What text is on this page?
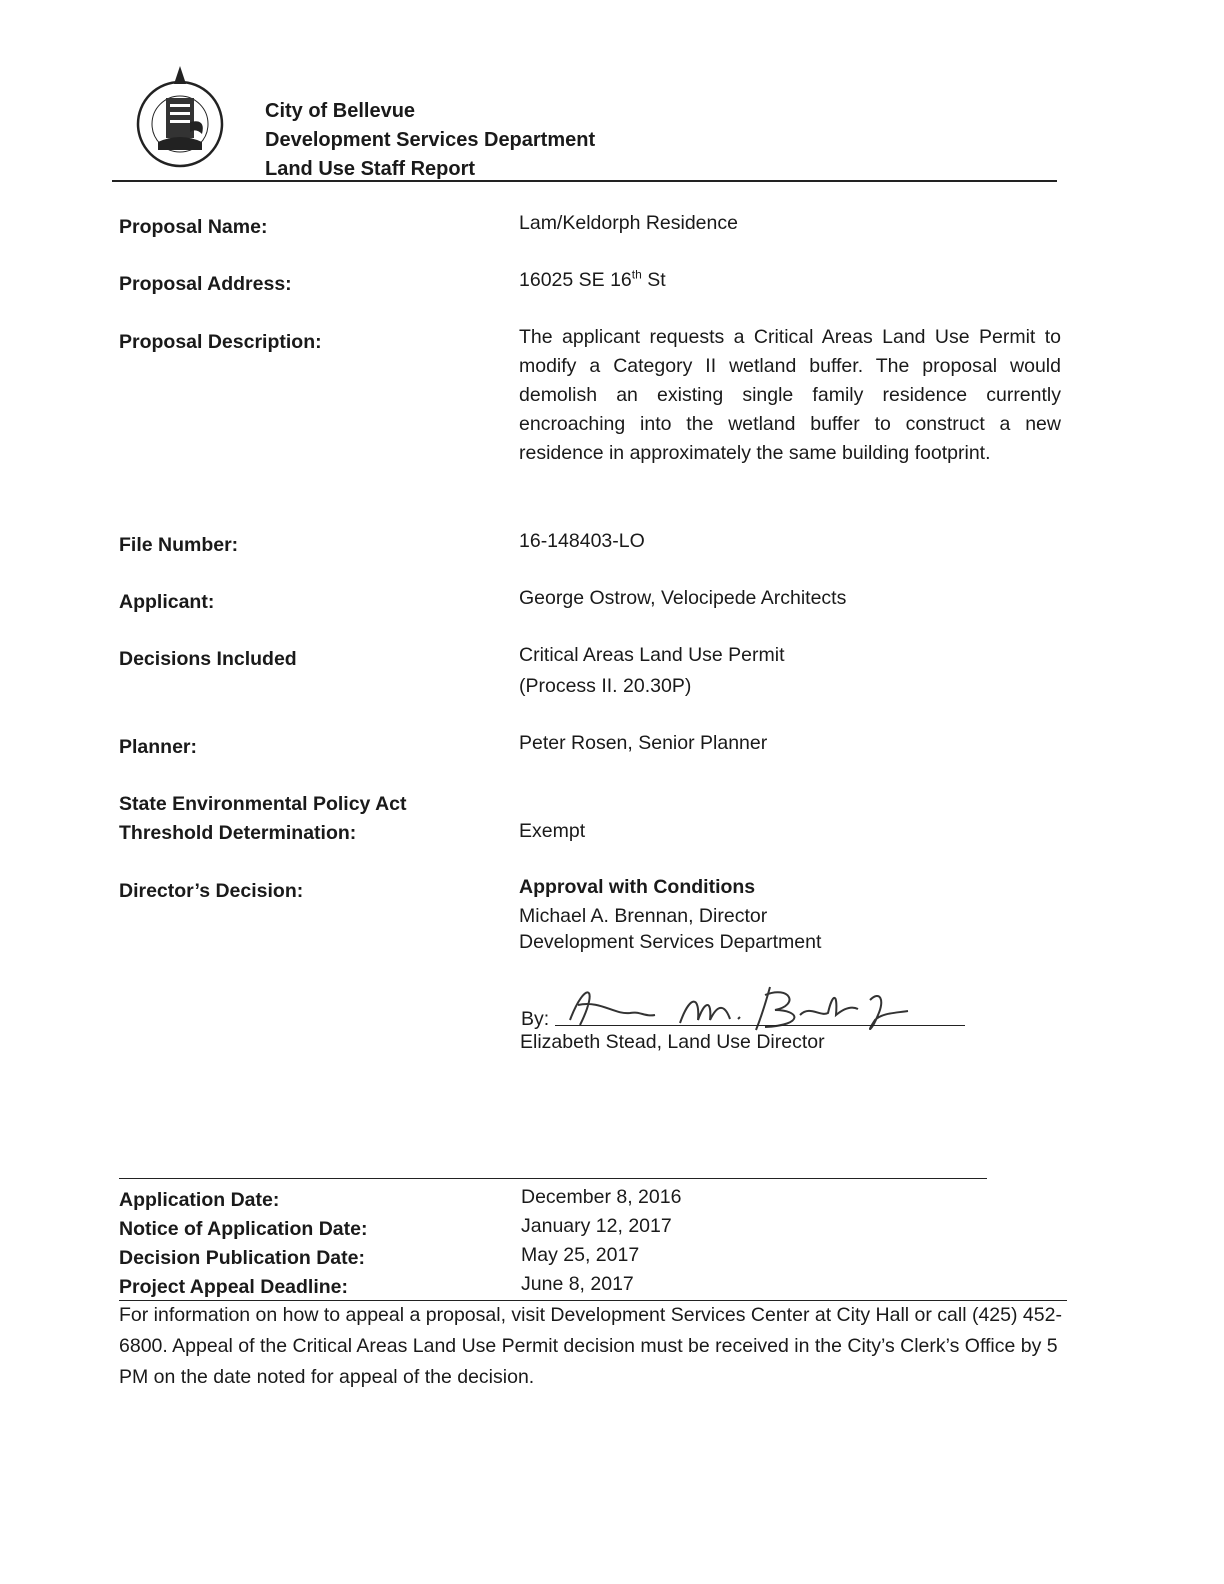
City of Bellevue
Development Services Department
Land Use Staff Report
Proposal Name:	Lam/Keldorph Residence
Proposal Address:	16025 SE 16th St
Proposal Description:	The applicant requests a Critical Areas Land Use Permit to modify a Category II wetland buffer. The proposal would demolish an existing single family residence currently encroaching into the wetland buffer to construct a new residence in approximately the same building footprint.
File Number:	16-148403-LO
Applicant:	George Ostrow, Velocipede Architects
Decisions Included	Critical Areas Land Use Permit
(Process II. 20.30P)
Planner:	Peter Rosen, Senior Planner
State Environmental Policy Act
Threshold Determination:	Exempt
Director’s Decision:	Approval with Conditions
Michael A. Brennan, Director
Development Services Department
By:
Elizabeth Stead, Land Use Director
Application Date:	December 8, 2016
Notice of Application Date:	January 12, 2017
Decision Publication Date:	May 25, 2017
Project Appeal Deadline:	June 8, 2017
For information on how to appeal a proposal, visit Development Services Center at City Hall or call (425) 452-6800. Appeal of the Critical Areas Land Use Permit decision must be received in the City’s Clerk’s Office by 5 PM on the date noted for appeal of the decision.
